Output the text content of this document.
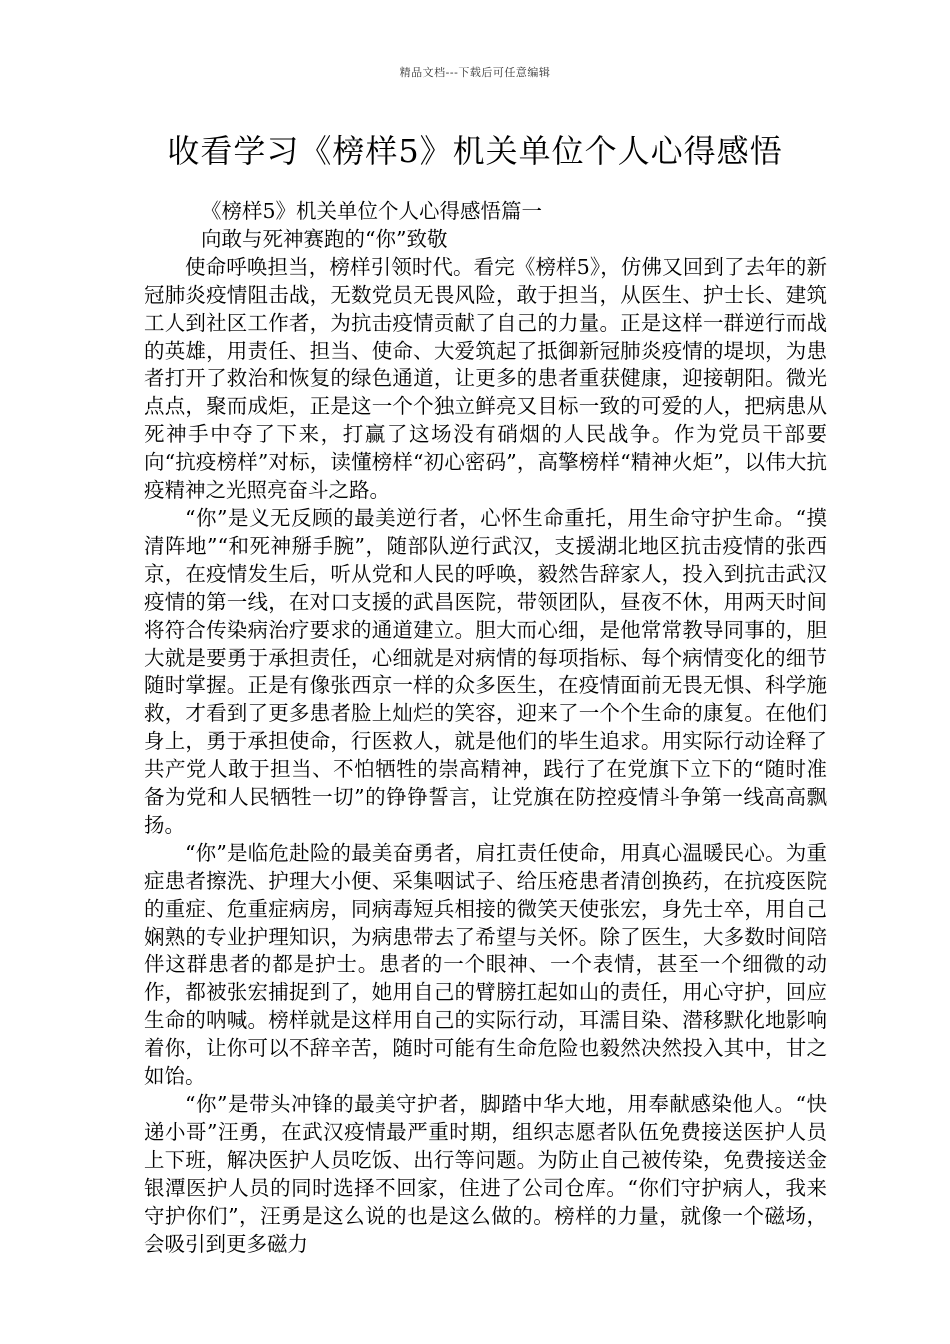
精品文档---下载后可任意编辑
收看学习《榜样5》机关单位个人心得感悟

《榜样5》机关单位个人心得感悟篇一

向敢与死神赛跑的“你”致敬

使命呼唤担当，榜样引领时代。看完《榜样5》，仿佛又回到了去年的新冠肺炎疫情阻击战，无数党员无畏风险，敢于担当，从医生、护士长、建筑工人到社区工作者，为抗击疫情贡献了自己的力量。正是这样一群逆行而战的英雄，用责任、担当、使命、大爱筑起了抵御新冠肺炎疫情的堤坝，为患者打开了救治和恢复的绿色通道，让更多的患者重获健康，迎接朝阳。微光点点，聚而成炬，正是这一个个独立鲜亮又目标一致的可爱的人，把病患从死神手中夺了下来，打赢了这场没有硝烟的人民战争。作为党员干部要向“抗疫榜样”对标，读懂榜样“初心密码”，高擎榜样“精神火炬”，以伟大抗疫精神之光照亮奋斗之路。

“你”是义无反顾的最美逆行者，心怀生命重托，用生命守护生命。“摸清阵地”“和死神掰手腕”，随部队逆行武汉，支援湖北地区抗击疫情的张西京，在疫情发生后，听从党和人民的呼唤，毅然告辞家人，投入到抗击武汉疫情的第一线，在对口支援的武昌医院，带领团队，昼夜不休，用两天时间将符合传染病治疗要求的通道建立。胆大而心细，是他常常教导同事的，胆大就是要勇于承担责任，心细就是对病情的每项指标、每个病情变化的细节随时掌握。正是有像张西京一样的众多医生，在疫情面前无畏无惧、科学施救，才看到了更多患者脸上灿烂的笑容，迎来了一个个生命的康复。在他们身上，勇于承担使命，行医救人，就是他们的毕生追求。用实际行动诠释了共产党人敢于担当、不怕牺牲的崇高精神，践行了在党旗下立下的“随时准备为党和人民牺牲一切”的铮铮誓言，让党旗在防控疫情斗争第一线高高飘扬。

“你”是临危赴险的最美奋勇者，肩扛责任使命，用真心温暖民心。为重症患者擦洗、护理大小便、采集咽试子、给压疮患者清创换药，在抗疫医院的重症、危重症病房，同病毒短兵相接的微笑天使张宏，身先士卒，用自己娴熟的专业护理知识，为病患带去了希望与关怀。除了医生，大多数时间陪伴这群患者的都是护士。患者的一个眼神、一个表情，甚至一个细微的动作，都被张宏捕捉到了，她用自己的臂膀扛起如山的责任，用心守护，回应生命的呐喊。榜样就是这样用自己的实际行动，耳濡目染、潜移默化地影响着你，让你可以不辞辛苦，随时可能有生命危险也毅然决然投入其中，甘之如饴。

“你”是带头冲锋的最美守护者，脚踏中华大地，用奉献感染他人。“快递小哥”汪勇，在武汉疫情最严重时期，组织志愿者队伍免费接送医护人员上下班，解决医护人员吃饭、出行等问题。为防止自己被传染，免费接送金银潭医护人员的同时选择不回家，住进了公司仓库。“你们守护病人，我来守护你们”，汪勇是这么说的也是这么做的。榜样的力量，就像一个磁场，会吸引到更多磁力
